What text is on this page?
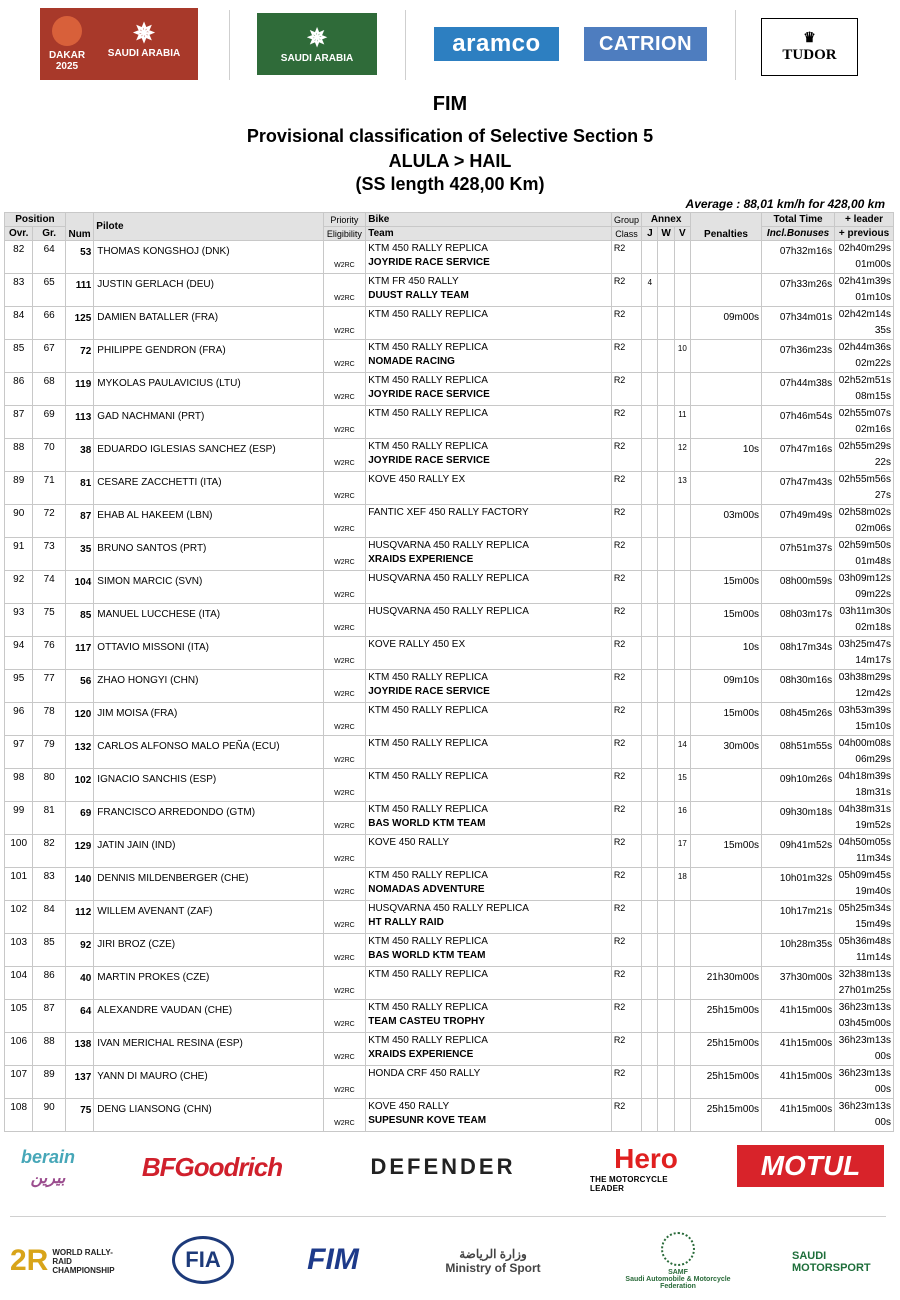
DAKAR
2025
✵
SAUDI ARABIA
✵
SAUDI ARABIA
aramco	CATRION	♛
TUDOR
FIM
Provisional classification of Selective Section 5
ALULA > HAIL
(SS length 428,00 Km)
Average : 88,01 km/h for 428,00 km
Position		Num	Pilote	Priority	Bike	Group	Annex			Penalties	Total Time	+ leader
Ovr.	Gr.			Eligibility	Team	Class	J	W	V		Incl.Bonuses	+ previous
82	64	53	THOMAS KONGSHOJ (DNK)	W2RC	KTM 450 RALLY REPLICA
JOYRIDE RACE SERVICE	R2					07h32m16s	02h40m29s
01m00s

83	65	111	JUSTIN GERLACH (DEU)	W2RC	KTM FR 450 RALLY
DUUST RALLY TEAM	R2	4				07h33m26s	02h41m39s
01m10s

84	66	125	DAMIEN BATALLER (FRA)	W2RC	KTM 450 RALLY REPLICA	R2				09m00s	07h34m01s	02h42m14s
35s

85	67	72	PHILIPPE GENDRON (FRA)	W2RC	KTM 450 RALLY REPLICA
NOMADE RACING	R2			10		07h36m23s	02h44m36s
02m22s

86	68	119	MYKOLAS PAULAVICIUS (LTU)	W2RC	KTM 450 RALLY REPLICA
JOYRIDE RACE SERVICE	R2					07h44m38s	02h52m51s
08m15s

87	69	113	GAD NACHMANI (PRT)	W2RC	KTM 450 RALLY REPLICA	R2			11		07h46m54s	02h55m07s
02m16s

88	70	38	EDUARDO IGLESIAS SANCHEZ (ESP)	W2RC	KTM 450 RALLY REPLICA
JOYRIDE RACE SERVICE	R2			12	10s	07h47m16s	02h55m29s
22s

89	71	81	CESARE ZACCHETTI (ITA)	W2RC	KOVE 450 RALLY EX	R2			13		07h47m43s	02h55m56s
27s

90	72	87	EHAB AL HAKEEM (LBN)	W2RC	FANTIC XEF 450 RALLY FACTORY	R2				03m00s	07h49m49s	02h58m02s
02m06s

91	73	35	BRUNO SANTOS (PRT)	W2RC	HUSQVARNA 450 RALLY REPLICA
XRAIDS EXPERIENCE	R2					07h51m37s	02h59m50s
01m48s

92	74	104	SIMON MARCIC (SVN)	W2RC	HUSQVARNA 450 RALLY REPLICA	R2				15m00s	08h00m59s	03h09m12s
09m22s

93	75	85	MANUEL LUCCHESE (ITA)	W2RC	HUSQVARNA 450 RALLY REPLICA	R2				15m00s	08h03m17s	03h11m30s
02m18s

94	76	117	OTTAVIO MISSONI (ITA)	W2RC	KOVE RALLY 450 EX	R2				10s	08h17m34s	03h25m47s
14m17s

95	77	56	ZHAO HONGYI (CHN)	W2RC	KTM 450 RALLY REPLICA
JOYRIDE RACE SERVICE	R2				09m10s	08h30m16s	03h38m29s
12m42s

96	78	120	JIM MOISA (FRA)	W2RC	KTM 450 RALLY REPLICA	R2				15m00s	08h45m26s	03h53m39s
15m10s

97	79	132	CARLOS ALFONSO MALO PEÑA (ECU)	W2RC	KTM 450 RALLY REPLICA	R2			14	30m00s	08h51m55s	04h00m08s
06m29s

98	80	102	IGNACIO SANCHIS (ESP)	W2RC	KTM 450 RALLY REPLICA	R2			15		09h10m26s	04h18m39s
18m31s

99	81	69	FRANCISCO ARREDONDO (GTM)	W2RC	KTM 450 RALLY REPLICA
BAS WORLD KTM TEAM	R2			16		09h30m18s	04h38m31s
19m52s

100	82	129	JATIN JAIN (IND)	W2RC	KOVE 450 RALLY	R2			17	15m00s	09h41m52s	04h50m05s
11m34s

101	83	140	DENNIS MILDENBERGER (CHE)	W2RC	KTM 450 RALLY REPLICA
NOMADAS ADVENTURE	R2			18		10h01m32s	05h09m45s
19m40s

102	84	112	WILLEM AVENANT (ZAF)	W2RC	HUSQVARNA 450 RALLY REPLICA
HT RALLY RAID	R2					10h17m21s	05h25m34s
15m49s

103	85	92	JIRI BROZ (CZE)	W2RC	KTM 450 RALLY REPLICA
BAS WORLD KTM TEAM	R2					10h28m35s	05h36m48s
11m14s

104	86	40	MARTIN PROKES (CZE)	W2RC	KTM 450 RALLY REPLICA	R2				21h30m00s	37h30m00s	32h38m13s
27h01m25s

105	87	64	ALEXANDRE VAUDAN (CHE)	W2RC	KTM 450 RALLY REPLICA
TEAM CASTEU TROPHY	R2				25h15m00s	41h15m00s	36h23m13s
03h45m00s

106	88	138	IVAN MERICHAL RESINA (ESP)	W2RC	KTM 450 RALLY REPLICA
XRAIDS EXPERIENCE	R2				25h15m00s	41h15m00s	36h23m13s
00s

107	89	137	YANN DI MAURO (CHE)	W2RC	HONDA CRF 450 RALLY	R2				25h15m00s	41h15m00s	36h23m13s
00s

108	90	75	DENG LIANSONG (CHN)	W2RC	KOVE 450 RALLY
SUPESUNR KOVE TEAM	R2				25h15m00s	41h15m00s	36h23m13s
00s
berain
بيرين	BFGoodrich	DEFENDER	Hero
THE MOTORCYCLE LEADER
MOTUL
2R WORLD RALLY-RAID CHAMPIONSHIP	FIA	FIM	وزارة الرياضة
Ministry of Sport	SAMF
Saudi Automobile & Motorcycle Federation
SAUDI MOTORSPORT
